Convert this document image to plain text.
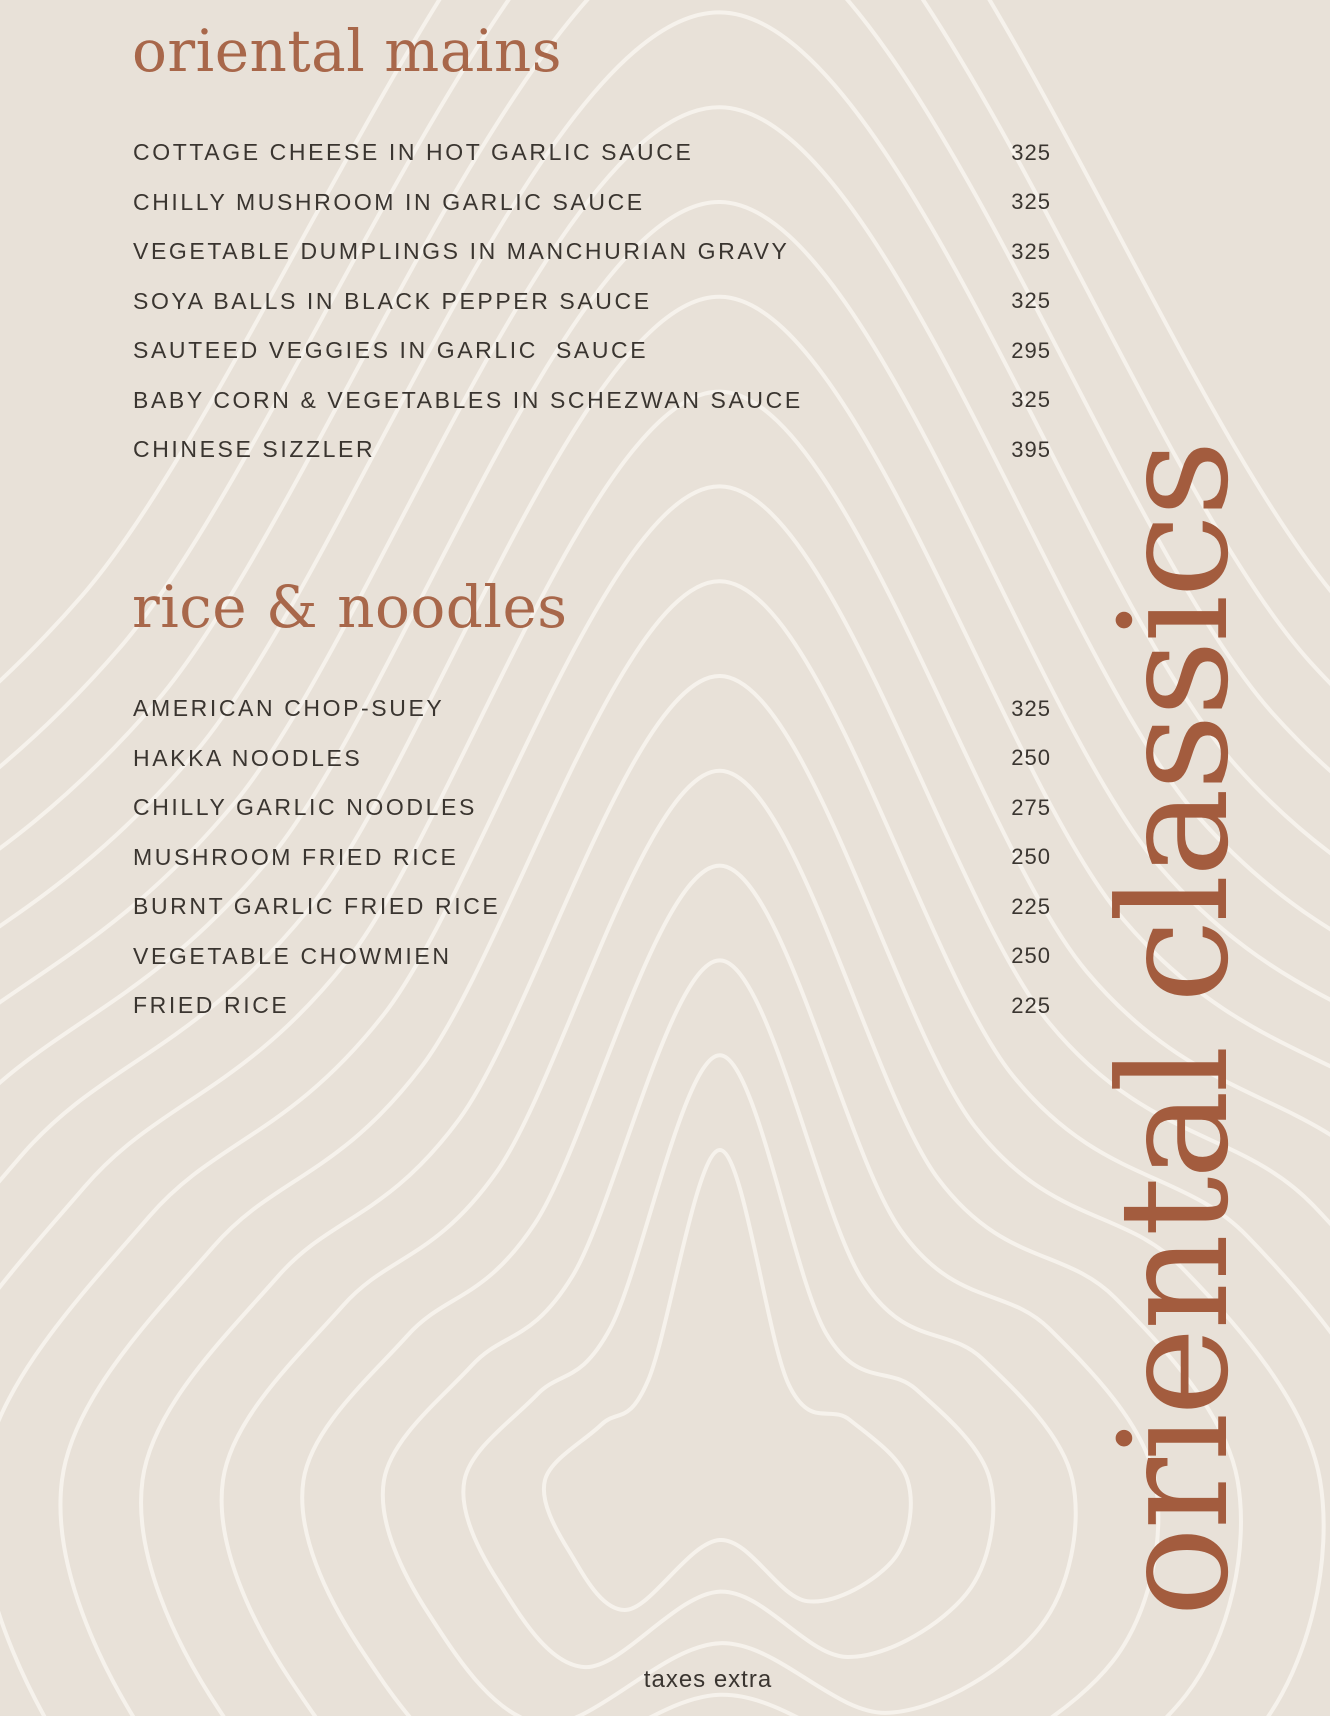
oriental mains
COTTAGE CHEESE IN HOT GARLIC SAUCE	325
CHILLY MUSHROOM IN GARLIC SAUCE	325
VEGETABLE DUMPLINGS IN MANCHURIAN GRAVY	325
SOYA BALLS IN BLACK PEPPER SAUCE	325
SAUTEED VEGGIES IN GARLIC  SAUCE	295
BABY CORN & VEGETABLES IN SCHEZWAN SAUCE	325
CHINESE SIZZLER	395
rice & noodles
AMERICAN CHOP-SUEY	325
HAKKA NOODLES	250
CHILLY GARLIC NOODLES	275
MUSHROOM FRIED RICE	250
BURNT GARLIC FRIED RICE	225
VEGETABLE CHOWMIEN	250
FRIED RICE	225 oriental classics
taxes extra
